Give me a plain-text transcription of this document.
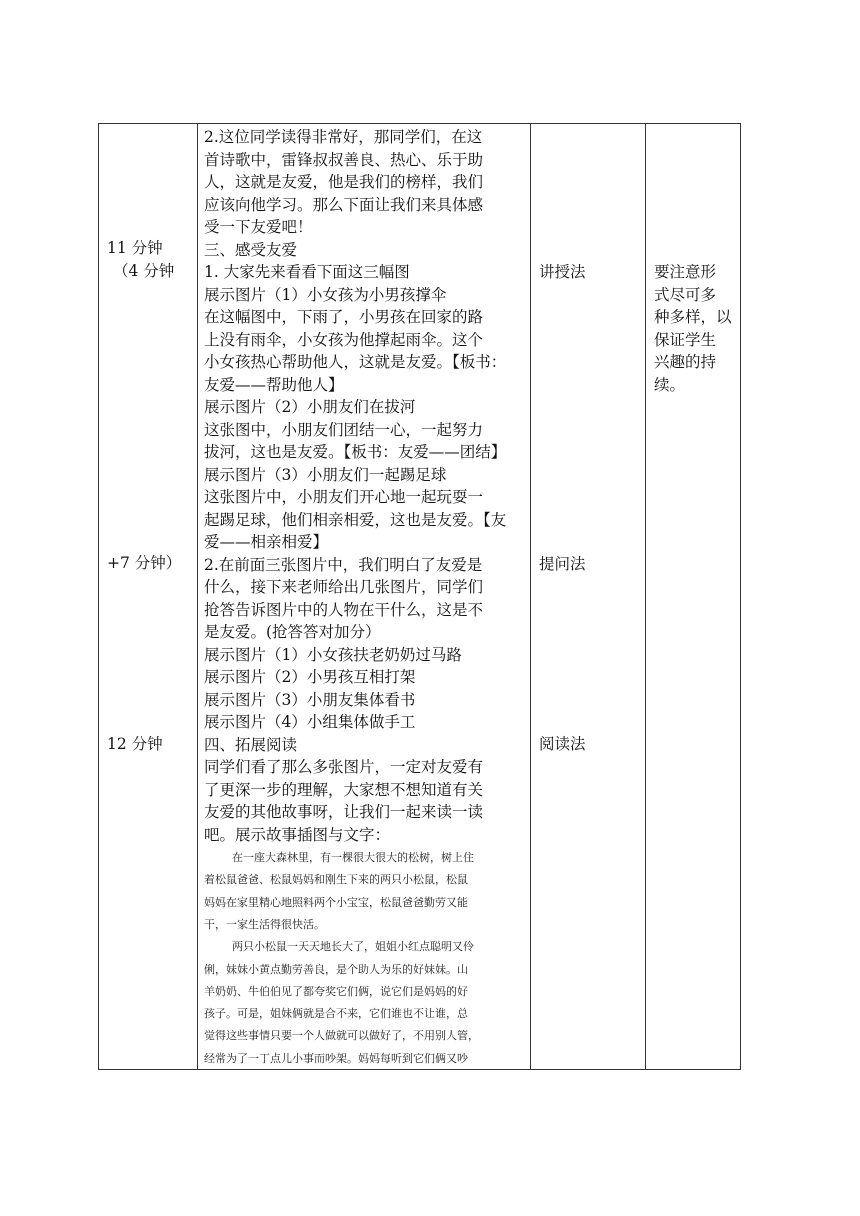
11 分钟
（4 分钟
+7 分钟）
12 分钟
2.这位同学读得非常好，那同学们，在这
首诗歌中，雷锋叔叔善良、热心、乐于助
人，这就是友爱，他是我们的榜样，我们
应该向他学习。那么下面让我们来具体感
受一下友爱吧！
三、感受友爱
1. 大家先来看看下面这三幅图
展示图片（1）小女孩为小男孩撑伞
在这幅图中，下雨了，小男孩在回家的路
上没有雨伞，小女孩为他撑起雨伞。这个
小女孩热心帮助他人，这就是友爱。【板书：
友爱——帮助他人】
展示图片（2）小朋友们在拔河
这张图中，小朋友们团结一心，一起努力
拔河，这也是友爱。【板书：友爱——团结】
展示图片（3）小朋友们一起踢足球
这张图片中，小朋友们开心地一起玩耍一
起踢足球，他们相亲相爱，这也是友爱。【友
爱——相亲相爱】
2.在前面三张图片中，我们明白了友爱是
什么，接下来老师给出几张图片，同学们
抢答告诉图片中的人物在干什么，这是不
是友爱。(抢答答对加分）
展示图片（1）小女孩扶老奶奶过马路
展示图片（2）小男孩互相打架
展示图片（3）小朋友集体看书
展示图片（4）小组集体做手工
四、拓展阅读
同学们看了那么多张图片，一定对友爱有
了更深一步的理解，大家想不想知道有关
友爱的其他故事呀，让我们一起来读一读
吧。展示故事插图与文字：
在一座大森林里，有一棵很大很大的松树，树上住
着松鼠爸爸、松鼠妈妈和刚生下来的两只小松鼠，松鼠
妈妈在家里精心地照料两个小宝宝，松鼠爸爸勤劳又能
干，一家生活得很快活。
两只小松鼠一天天地长大了，姐姐小红点聪明又伶
俐，妹妹小黄点勤劳善良，是个助人为乐的好妹妹。山
羊奶奶、牛伯伯见了都夸奖它们俩，说它们是妈妈的好
孩子。可是，姐妹俩就是合不来，它们谁也不让谁，总
觉得这些事情只要一个人做就可以做好了，不用别人管，
经常为了一丁点儿小事而吵架。妈妈每听到它们俩又吵
讲授法
提问法
阅读法
要注意形
式尽可多
种多样，以
保证学生
兴趣的持
续。
